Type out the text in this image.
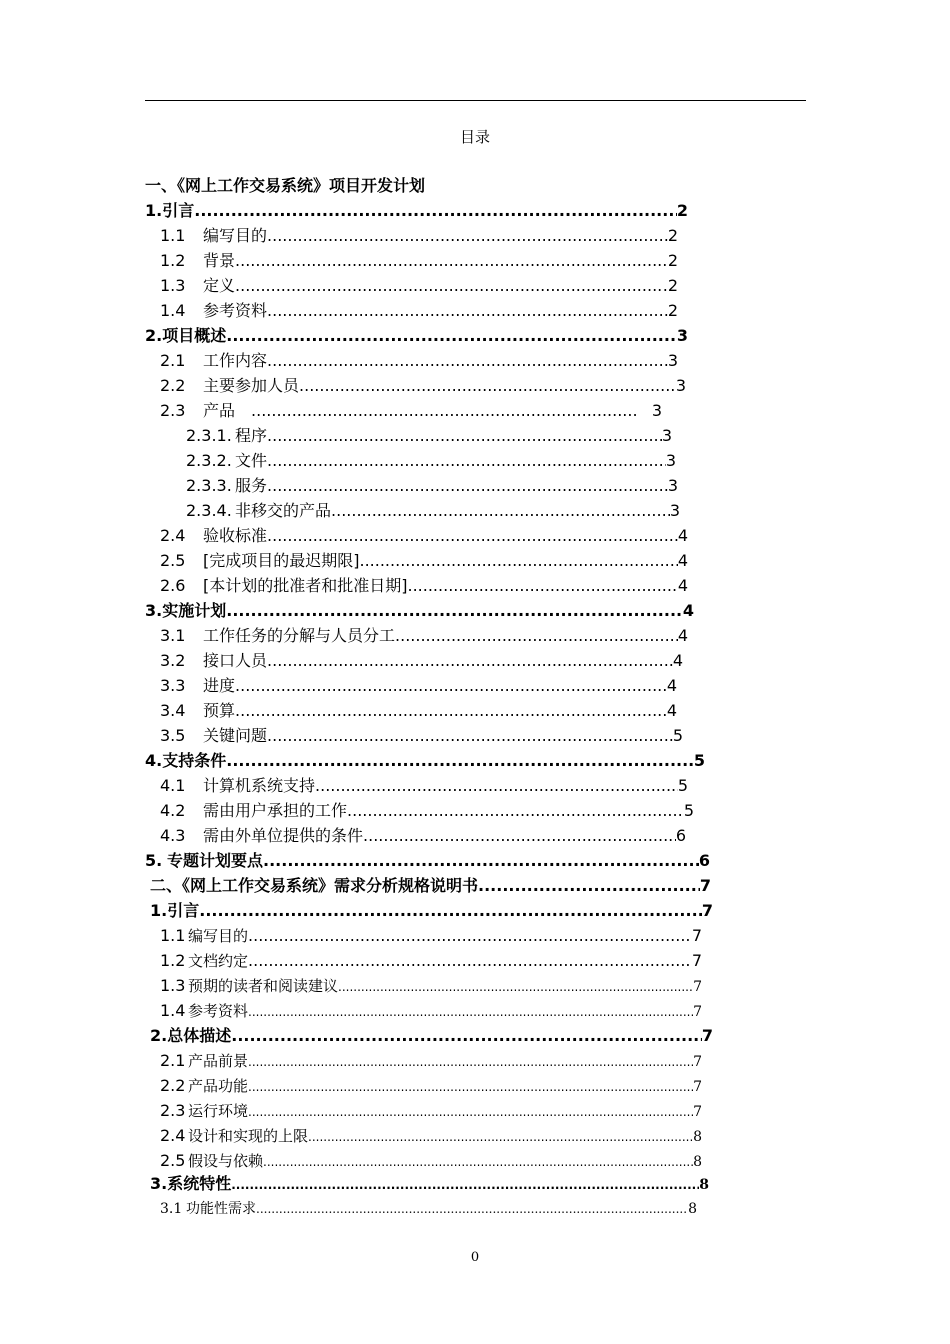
目录
一、《网上工作交易系统》项目开发计划
1. 引言 .....	2
1.1	编写目的 .....	2
1.2	背景 .....	2
1.3	定义 .....	.2
1.4	参考资料 .....	2
2. 项目概述 .....	3
2.1	工作内容 .....	3
2.2	主要参加人员 .....	3
2.3	产品 .....	3
2.3.1. 程序 .....	3
2.3.2. 文件 .....	3
2.3.3. 服务 .....	3
2.3.4. 非移交的产品 .....	3
2.4	验收标准 .....	4
2.5	[完成项目的最迟期限] .....	4
2.6	[本计划的批准者和批准日期] .....	4
3. 实施计划 .....	4
3.1	工作任务的分解与人员分工 .....	4
3.2	接口人员 .....	4
3.3	进度 .....	4
3.4	预算 .....	4
3.5	关键问题 .....	5
4. 支持条件 .....	5
4.1	计算机系统支持 .....	5
4.2	需由用户承担的工作 .....	5
4.3	需由外单位提供的条件 .....	6
5. 专题计划要点 .....	6
二、《网上工作交易系统》需求分析规格说明书 .....	7
1. 引言 .....	7
1.1 编写目的 .....	7
1.2 文档约定 .....	7
1.3 预期的读者和阅读建议 .....	7
1.4 参考资料 .....	7
2. 总体描述 .....	7
2.1 产品前景 .....	7
2.2 产品功能 .....	7
2.3 运行环境 .....	7
2.4 设计和实现的上限 .....	8
2.5 假设与依赖 .....	8
3. 系统特性 .....	8
3.1 功能性需求 .....	8
0
